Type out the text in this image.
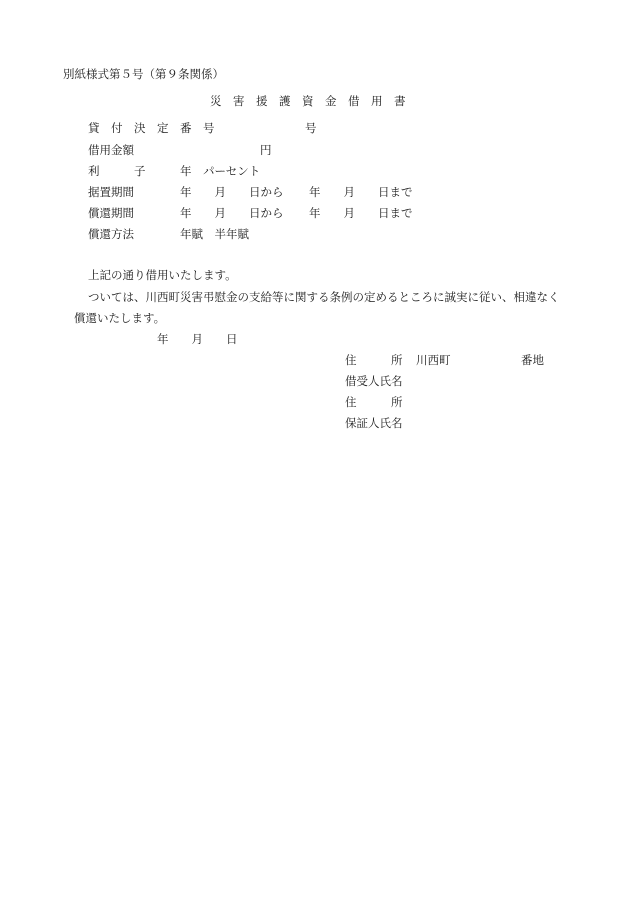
別紙様式第５号（第９条関係）
災　害　援　護　資　金　借　用　書
貸　付　決　定　番　号	号
借用金額	円
利　　　子	年　パーセント
据置期間	年　　月　　日から 年　　月　　日まで
償還期間	年　　月　　日から 年　　月　　日まで
償還方法	年賦　半年賦
上記の通り借用いたします。
ついては、川西町災害弔慰金の支給等に関する条例の定めるところに誠実に従い、相違なく
償還いたします。
年　　月　　日
住　　　所 川西町	番地
借受人氏名
住　　　所
保証人氏名
